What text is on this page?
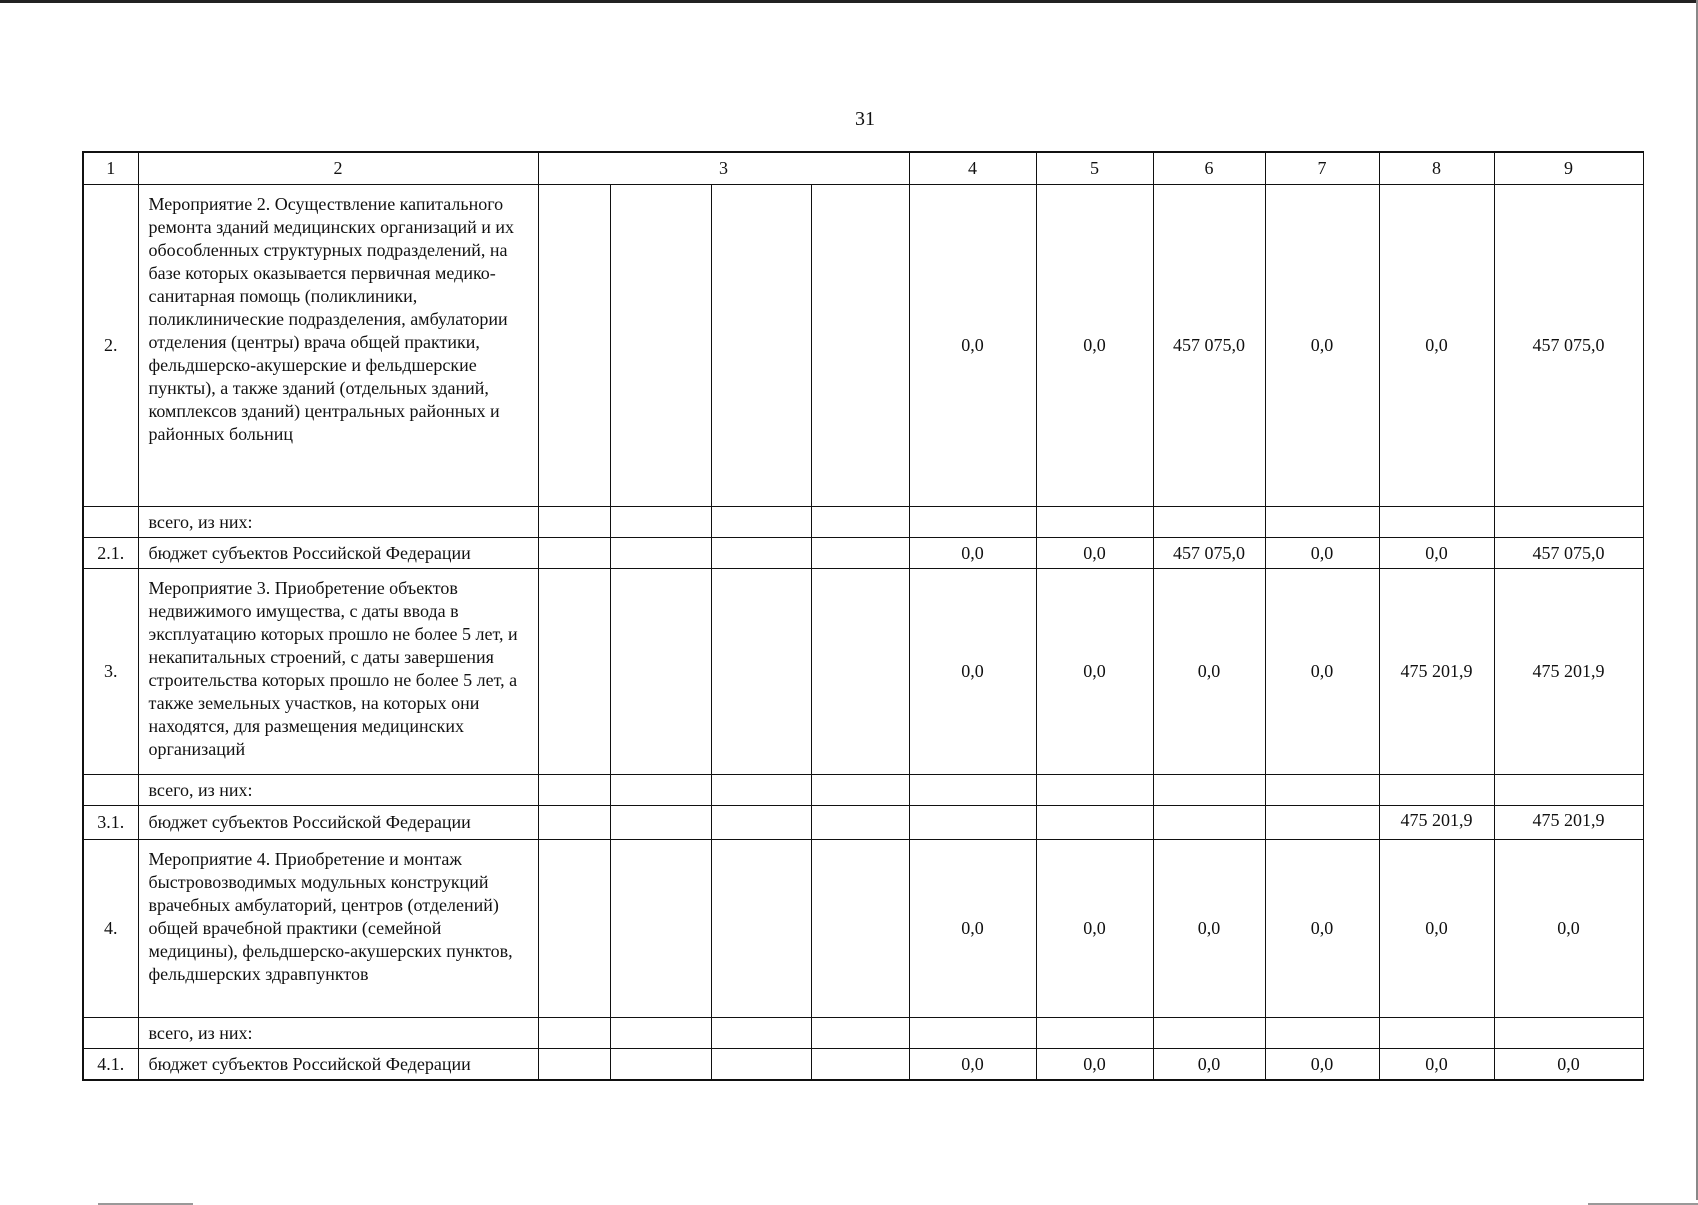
31
1	2	3				4	5	6	7	8	9
2.	Мероприятие 2. Осуществление капитального ремонта зданий медицинских организаций и их обособленных структурных подразделений, на базе которых оказывается первичная медико-санитарная помощь (поликлиники, поликлинические подразделения, амбулатории отделения (центры) врача общей практики, фельдшерско-акушерские и фельдшерские пункты), а также зданий (отдельных зданий, комплексов зданий) центральных районных и районных больниц					0,0	0,0	457 075,0	0,0	0,0	457 075,0
	всего, из них:										
2.1.	бюджет субъектов Российской Федерации					0,0	0,0	457 075,0	0,0	0,0	457 075,0
3.	Мероприятие 3. Приобретение объектов недвижимого имущества, с даты ввода в эксплуатацию которых прошло не более 5 лет, и некапитальных строений, с даты завершения строительства которых прошло не более 5 лет, а также земельных участков, на которых они находятся, для размещения медицинских организаций					0,0	0,0	0,0	0,0	475 201,9	475 201,9
	всего, из них:										
3.1.	бюджет субъектов Российской Федерации									475 201,9	475 201,9
4.	Мероприятие 4. Приобретение и монтаж быстровозводимых модульных конструкций врачебных амбулаторий, центров (отделений) общей врачебной практики (семейной медицины), фельдшерско-акушерских пунктов, фельдшерских здравпунктов					0,0	0,0	0,0	0,0	0,0	0,0
	всего, из них:										
4.1.	бюджет субъектов Российской Федерации					0,0	0,0	0,0	0,0	0,0	0,0
